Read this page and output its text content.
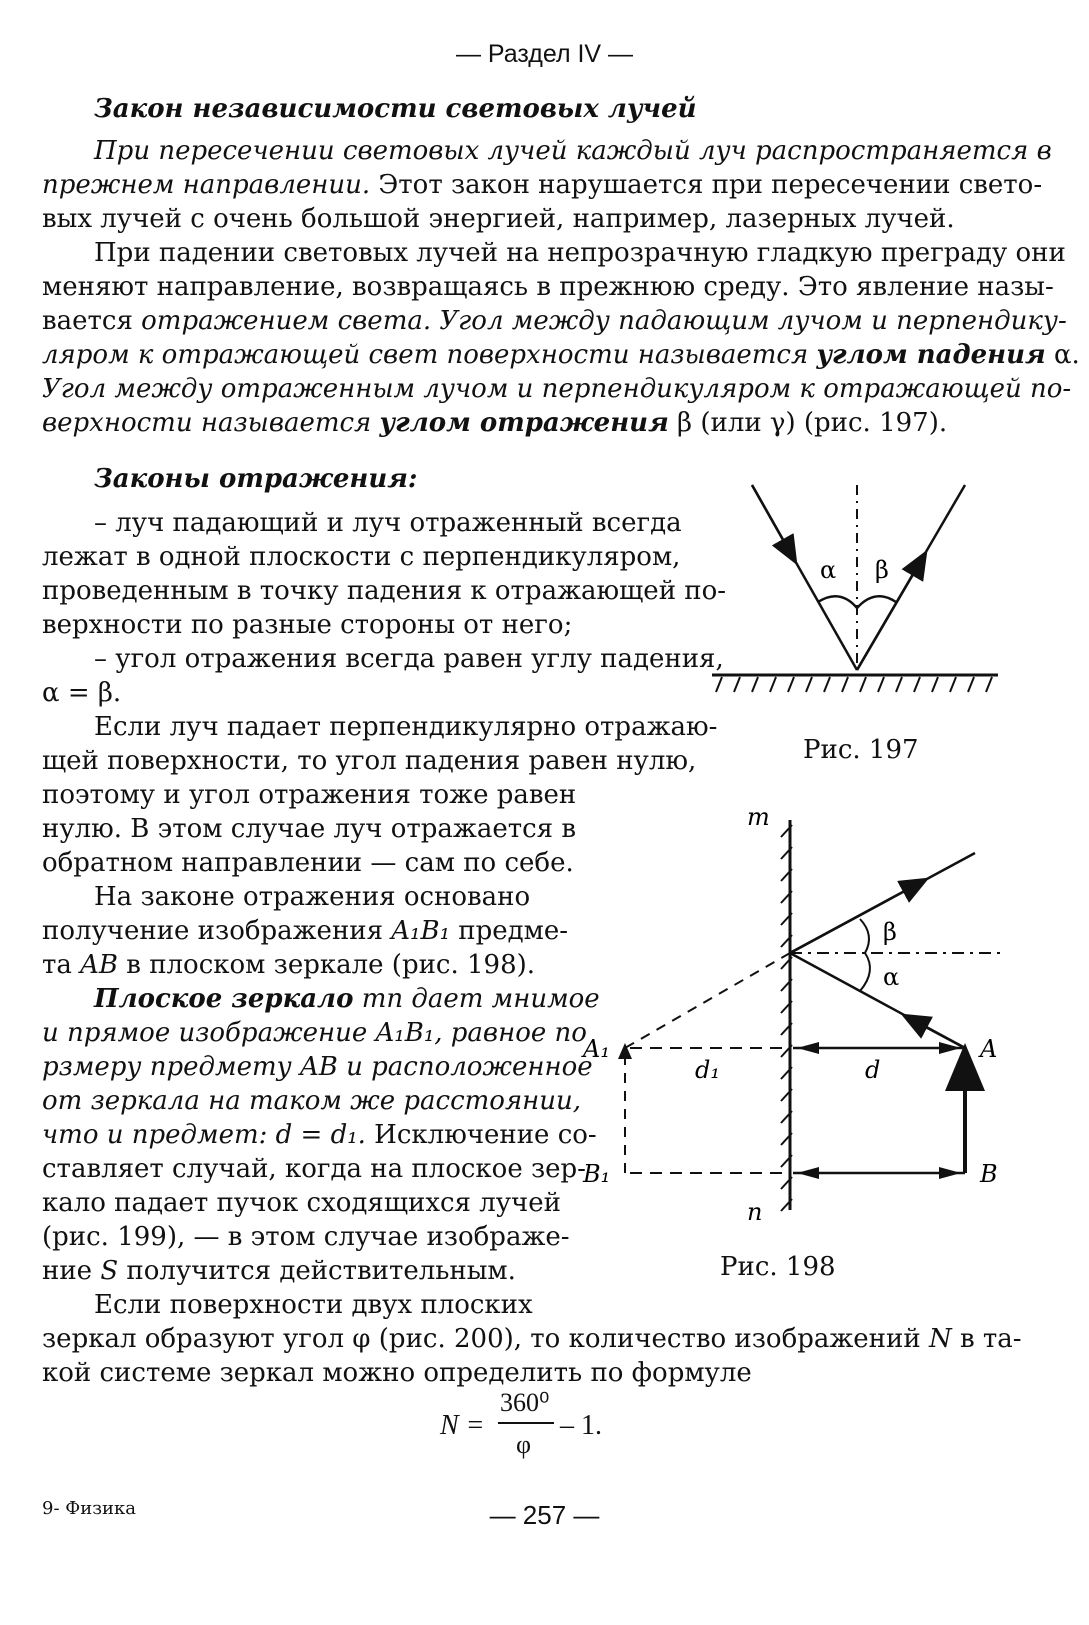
— Раздел IV —
Закон независимости световых лучей
При пересечении световых лучей каждый луч распространяется в
прежнем направлении. Этот закон нарушается при пересечении свето-
вых лучей с очень большой энергией, например, лазерных лучей.
При падении световых лучей на непрозрачную гладкую преграду они
меняют направление, возвращаясь в прежнюю среду. Это явление назы-
вается отражением света. Угол между падающим лучом и перпендику-
ляром к отражающей свет поверхности называется углом падения α.
Угол между отраженным лучом и перпендикуляром к отражающей по-
верхности называется углом отражения β (или γ) (рис. 197).
Законы отражения:
– луч падающий и луч отраженный всегда
лежат в одной плоскости с перпендикуляром,
проведенным в точку падения к отражающей по-
верхности по разные стороны от него;
– угол отражения всегда равен углу падения,
α = β.
Если луч падает перпендикулярно отражаю-
щей поверхности, то угол падения равен нулю,
поэтому и угол отражения тоже равен
нулю. В этом случае луч отражается в
обратном направлении — сам по себе.
На законе отражения основано
получение изображения A₁B₁ предме-
та AB в плоском зеркале (рис. 198).
Плоское зеркало mn дает мнимое
и прямое изображение A₁B₁, равное по
рзмеру предмету AB и расположенное
от зеркала на таком же расстоянии,
что и предмет: d = d₁. Исключение со-
ставляет случай, когда на плоское зер-
кало падает пучок сходящихся лучей
(рис. 199), — в этом случае изображе-
ние S получится действительным.
Если поверхности двух плоских
зеркал образуют угол φ (рис. 200), то количество изображений N в та-
кой системе зеркал можно определить по формуле
N =
360⁰
φ
– 1.
α β
Рис. 197
m
n
β
α
A₁
B₁
A
B
d₁	d
Рис. 198
9- Физика	— 257 —
